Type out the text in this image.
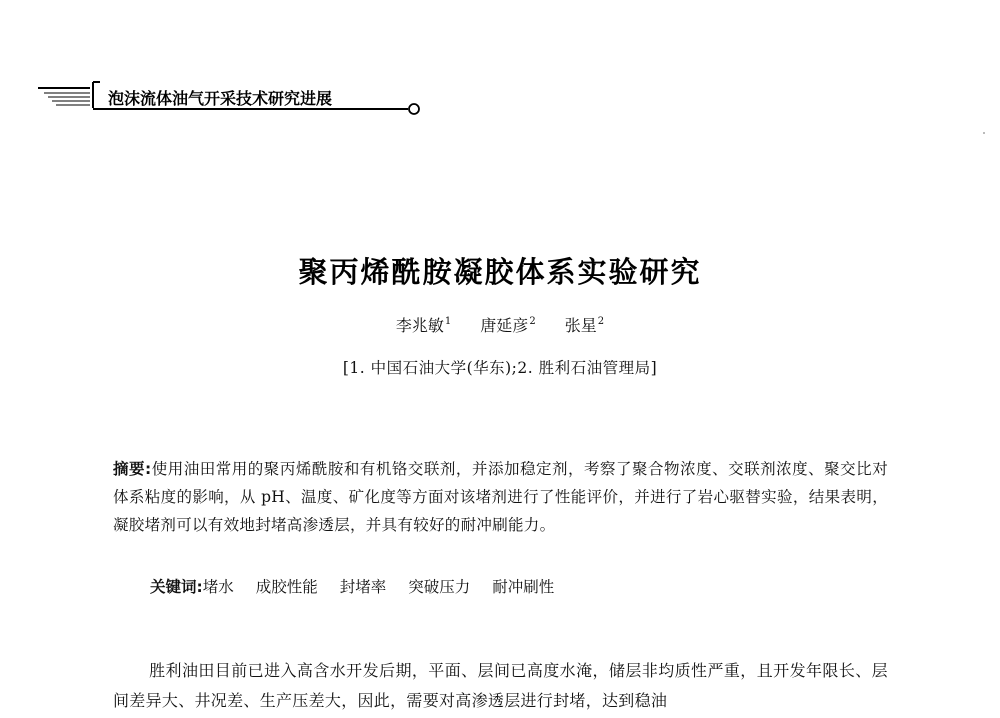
泡沫流体油气开采技术研究进展
聚丙烯酰胺凝胶体系实验研究
李兆敏$^1$ 唐延彦$^2$ 张星$^2$
[1. 中国石油大学(华东);2. 胜利石油管理局]
摘要:使用油田常用的聚丙烯酰胺和有机铬交联剂，并添加稳定剂，考察了聚合物浓度、交联剂浓度、聚交比对体系粘度的影响，从 pH、温度、矿化度等方面对该堵剂进行了性能评价，并进行了岩心驱替实验，结果表明，凝胶堵剂可以有效地封堵高渗透层，并具有较好的耐冲刷能力。
关键词:堵水 成胶性能 封堵率 突破压力 耐冲刷性
胜利油田目前已进入高含水开发后期，平面、层间已高度水淹，储层非均质性严重，且开发年限长、层间差异大、井况差、生产压差大，因此，需要对高渗透层进行封堵，达到稳油
